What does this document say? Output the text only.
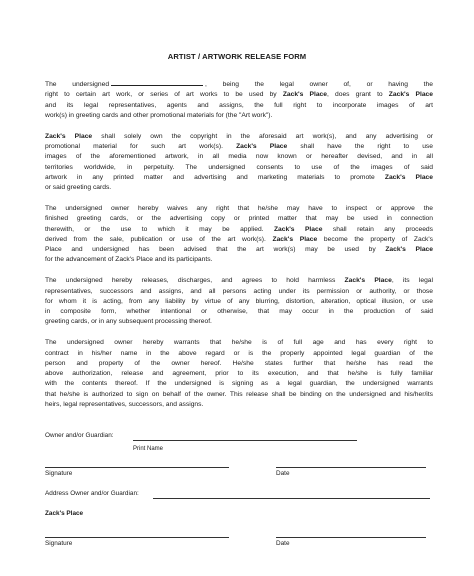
ARTIST / ARTWORK RELEASE FORM
The undersigned	, being the legal owner of, or having the
right to certain art work, or series of art works to be used by Zack's Place, does grant to Zack's Place
and its legal representatives, agents and assigns, the full right to incorporate images of art
work(s) in greeting cards and other promotional materials for (the "Art work").
Zack's Place shall solely own the copyright in the aforesaid art work(s), and any advertising or
promotional material for such art work(s). Zack's Place shall have the right to use
images of the aforementioned artwork, in all media now known or hereafter devised, and in all
territories worldwide, in perpetuity. The undersigned consents to use of the images of said
artwork in any printed matter and advertising and marketing materials to promote Zack's Place
or said greeting cards.
The undersigned owner hereby waives any right that he/she may have to inspect or approve the
finished greeting cards, or the advertising copy or printed matter that may be used in connection
therewith, or the use to which it may be applied. Zack's Place shall retain any proceeds
derived from the sale, publication or use of the art work(s). Zack's Place become the property of Zack's
Place and undersigned has been advised that the art work(s) may be used by Zack's Place
for the advancement of Zack's Place and its participants.
The undersigned hereby releases, discharges, and agrees to hold harmless Zack's Place, its legal
representatives, successors and assigns, and all persons acting under its permission or authority, or those
for whom it is acting, from any liability by virtue of any blurring, distortion, alteration, optical illusion, or use
in composite form, whether intentional or otherwise, that may occur in the production of said
greeting cards, or in any subsequent processing thereof.
The undersigned owner hereby warrants that he/she is of full age and has every right to
contract in his/her name in the above regard or is the properly appointed legal guardian of the
person and property of the owner hereof. He/she states further that he/she has read the
above authorization, release and agreement, prior to its execution, and that he/she is fully familiar
with the contents thereof. If the undersigned is signing as a legal guardian, the undersigned warrants
that he/she is authorized to sign on behalf of the owner. This release shall be binding on the undersigned and his/her/its
heirs, legal representatives, successors, and assigns.
Owner and/or Guardian:
Print Name
Signature	Date
Address Owner and/or Guardian:
Zack's Place
Signature	Date
